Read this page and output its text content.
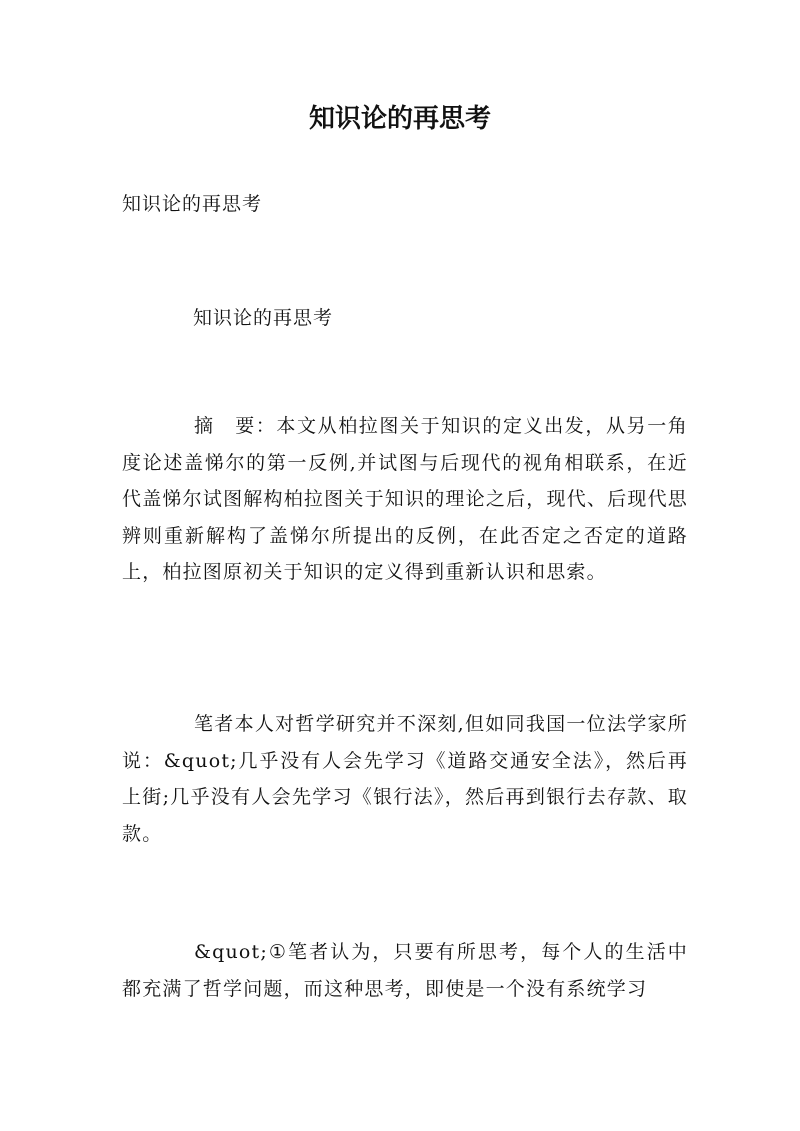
知识论的再思考
知识论的再思考
知识论的再思考

摘　要：本文从柏拉图关于知识的定义出发，从另一角度论述盖悌尔的第一反例,并试图与后现代的视角相联系，在近代盖悌尔试图解构柏拉图关于知识的理论之后，现代、后现代思辨则重新解构了盖悌尔所提出的反例，在此否定之否定的道路上，柏拉图原初关于知识的定义得到重新认识和思索。

笔者本人对哲学研究并不深刻,但如同我国一位法学家所说：&quot;几乎没有人会先学习《道路交通安全法》，然后再上街;几乎没有人会先学习《银行法》，然后再到银行去存款、取款。

&quot;①笔者认为，只要有所思考，每个人的生活中都充满了哲学问题，而这种思考，即使是一个没有系统学习
